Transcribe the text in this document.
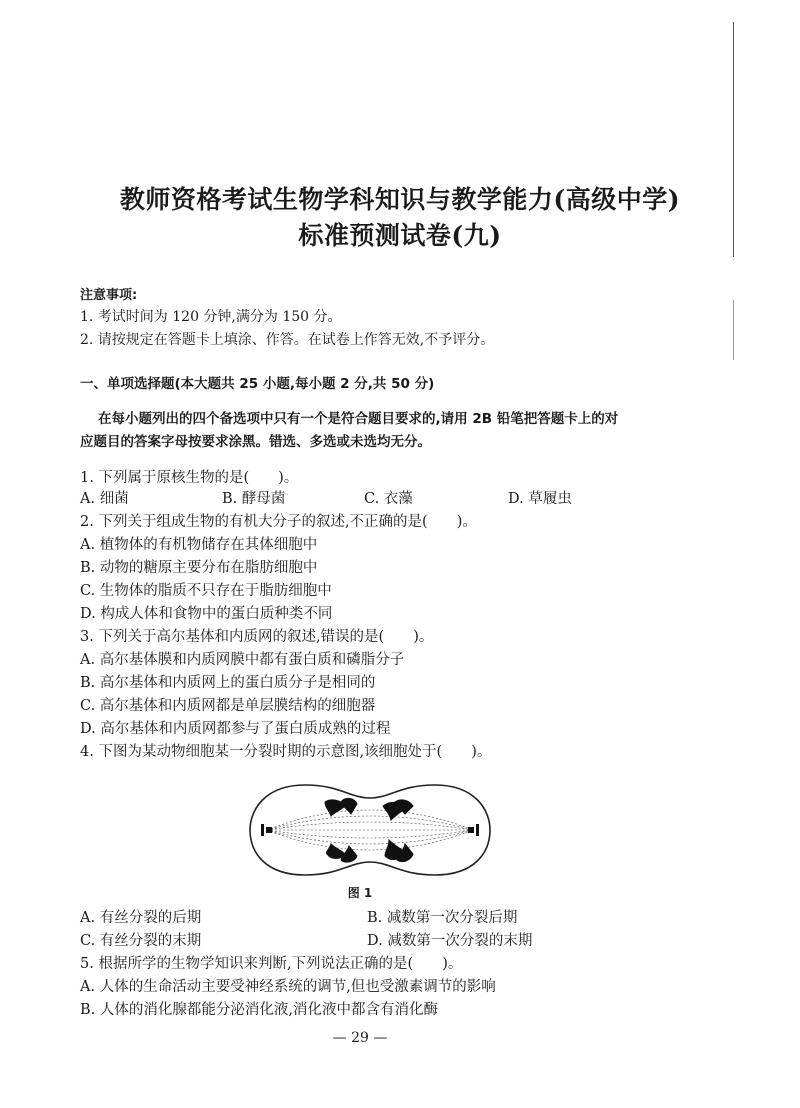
教师资格考试生物学科知识与教学能力(高级中学)
标准预测试卷(九)
注意事项:
1. 考试时间为 120 分钟,满分为 150 分。
2. 请按规定在答题卡上填涂、作答。在试卷上作答无效,不予评分。
一、单项选择题(本大题共 25 小题,每小题 2 分,共 50 分)
在每小题列出的四个备选项中只有一个是符合题目要求的,请用 2B 铅笔把答题卡上的对
应题目的答案字母按要求涂黑。错选、多选或未选均无分。
1. 下列属于原核生物的是(　　)。
A. 细菌	B. 酵母菌	C. 衣藻	D. 草履虫
2. 下列关于组成生物的有机大分子的叙述,不正确的是(　　)。
A. 植物体的有机物储存在其体细胞中
B. 动物的糖原主要分布在脂肪细胞中
C. 生物体的脂质不只存在于脂肪细胞中
D. 构成人体和食物中的蛋白质种类不同
3. 下列关于高尔基体和内质网的叙述,错误的是(　　)。
A. 高尔基体膜和内质网膜中都有蛋白质和磷脂分子
B. 高尔基体和内质网上的蛋白质分子是相同的
C. 高尔基体和内质网都是单层膜结构的细胞器
D. 高尔基体和内质网都参与了蛋白质成熟的过程
4. 下图为某动物细胞某一分裂时期的示意图,该细胞处于(　　)。
图 1
A. 有丝分裂的后期	B. 减数第一次分裂后期
C. 有丝分裂的末期	D. 减数第一次分裂的末期
5. 根据所学的生物学知识来判断,下列说法正确的是(　　)。
A. 人体的生命活动主要受神经系统的调节,但也受激素调节的影响
B. 人体的消化腺都能分泌消化液,消化液中都含有消化酶
— 29 —
